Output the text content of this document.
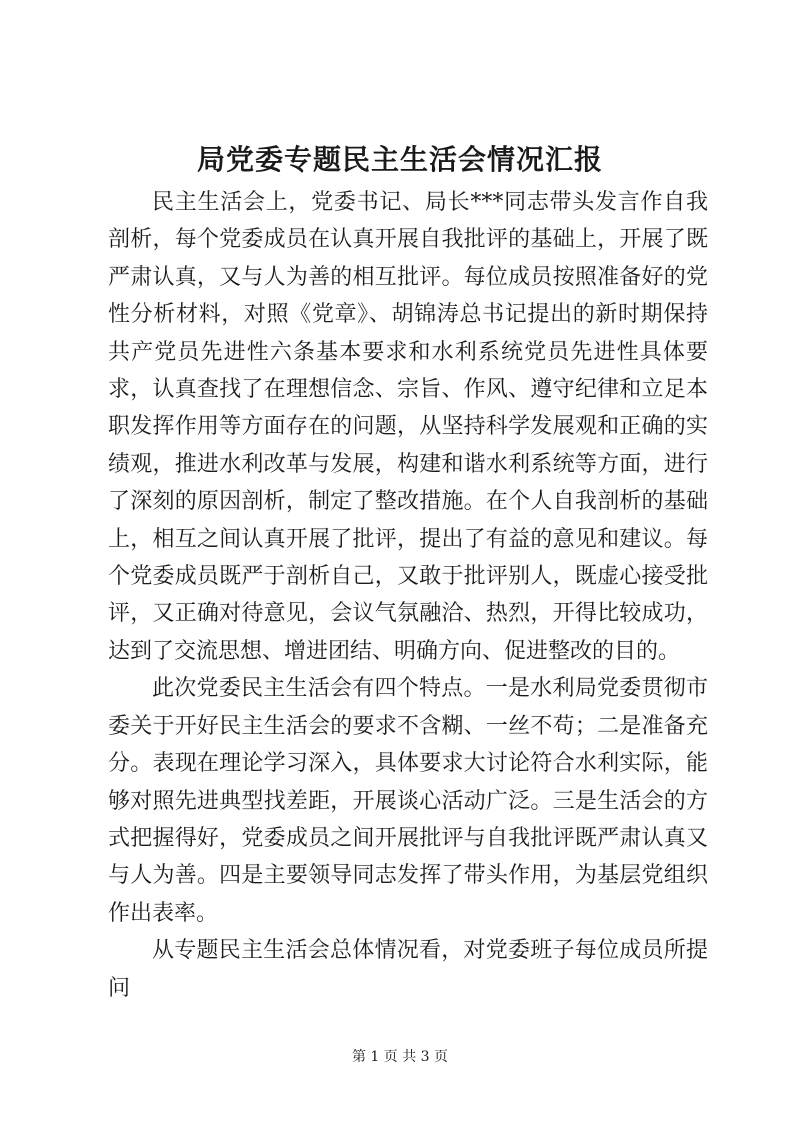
局党委专题民主生活会情况汇报

民主生活会上，党委书记、局长***同志带头发言作自我剖析，每个党委成员在认真开展自我批评的基础上，开展了既严肃认真，又与人为善的相互批评。每位成员按照准备好的党性分析材料，对照《党章》、胡锦涛总书记提出的新时期保持共产党员先进性六条基本要求和水利系统党员先进性具体要求，认真查找了在理想信念、宗旨、作风、遵守纪律和立足本职发挥作用等方面存在的问题，从坚持科学发展观和正确的实绩观，推进水利改革与发展，构建和谐水利系统等方面，进行了深刻的原因剖析，制定了整改措施。在个人自我剖析的基础上，相互之间认真开展了批评，提出了有益的意见和建议。每个党委成员既严于剖析自己，又敢于批评别人，既虚心接受批评，又正确对待意见，会议气氛融洽、热烈，开得比较成功，达到了交流思想、增进团结、明确方向、促进整改的目的。

此次党委民主生活会有四个特点。一是水利局党委贯彻市委关于开好民主生活会的要求不含糊、一丝不苟；二是准备充分。表现在理论学习深入，具体要求大讨论符合水利实际，能够对照先进典型找差距，开展谈心活动广泛。三是生活会的方式把握得好，党委成员之间开展批评与自我批评既严肃认真又与人为善。四是主要领导同志发挥了带头作用，为基层党组织作出表率。

从专题民主生活会总体情况看，对党委班子每位成员所提问

第 1 页 共 3 页
